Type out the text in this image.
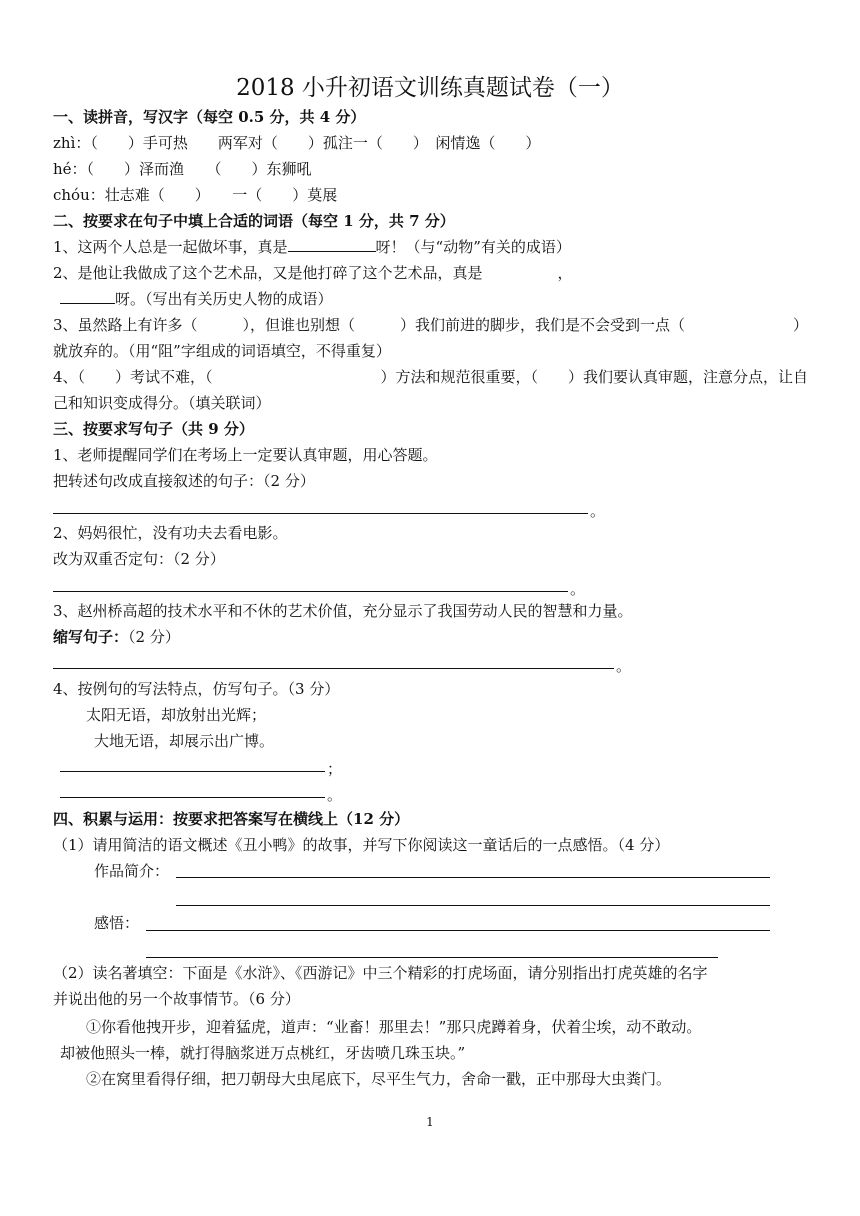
2018 小升初语文训练真题试卷（一）
一、读拼音，写汉字（每空 0.5 分，共 4 分）
zhì：（　　）手可热　　两军对（　　）孤注一（　　）　闲情逸（　　）
hé：（　　）泽而渔　　（　　）东狮吼
chóu：壮志难（　　）　　一（　　）莫展
二、按要求在句子中填上合适的词语（每空 1 分，共 7 分）
1、这两个人总是一起做坏事，真是	呀！（与“动物”有关的成语）
2、是他让我做成了这个艺术品，又是他打碎了这个艺术品，真是　　　　　，
呀。（写出有关历史人物的成语）
3、虽然路上有许多（　　　），但谁也别想（　　　）我们前进的脚步，我们是不会受到一点（	）
就放弃的。（用“阻”字组成的词语填空，不得重复）
4、（　　）考试不难，（	）方法和规范很重要，（　　）我们要认真审题，注意分点，让自
己和知识变成得分。（填关联词）
三、按要求写句子（共 9 分）
1、老师提醒同学们在考场上一定要认真审题，用心答题。
把转述句改成直接叙述的句子：（2 分）
。
2、妈妈很忙，没有功夫去看电影。
改为双重否定句：（2 分）
。
3、赵州桥高超的技术水平和不休的艺术价值，充分显示了我国劳动人民的智慧和力量。
缩写句子：（2 分）
。
4、按例句的写法特点，仿写句子。（3 分）
太阳无语，却放射出光辉；
大地无语，却展示出广博。
；
。
四、积累与运用：按要求把答案写在横线上（12 分）
（1）请用简洁的语文概述《丑小鸭》的故事，并写下你阅读这一童话后的一点感悟。（4 分）
作品简介：
感悟：
（2）读名著填空：下面是《水浒》、《西游记》中三个精彩的打虎场面，请分别指出打虎英雄的名字
并说出他的另一个故事情节。（6 分）
①你看他拽开步，迎着猛虎，道声：“业畜！那里去！”那只虎蹲着身，伏着尘埃，动不敢动。
却被他照头一棒，就打得脑浆迸万点桃红，牙齿喷几珠玉块。”
②在窝里看得仔细，把刀朝母大虫尾底下，尽平生气力，舍命一戳，正中那母大虫粪门。
1
